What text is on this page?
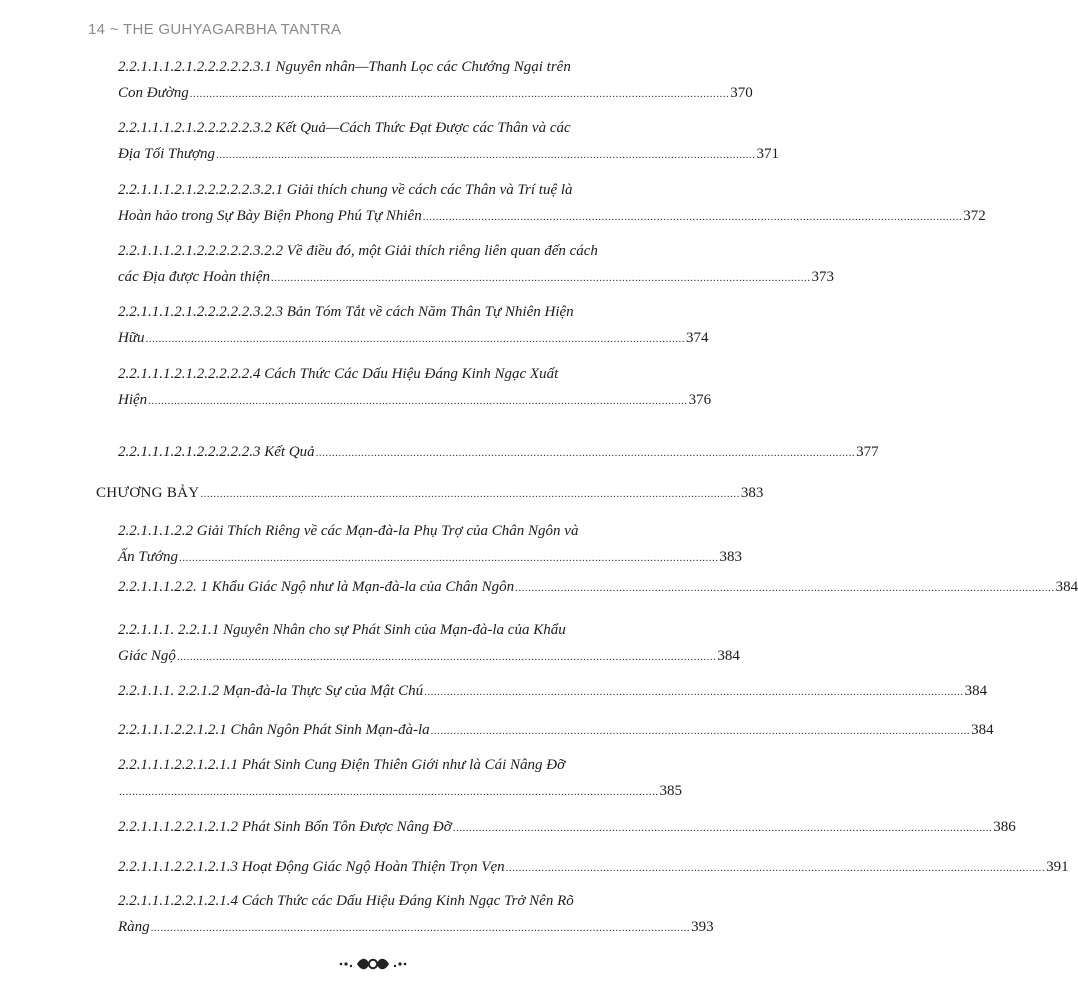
14 ~ THE GUHYAGARBHA TANTRA
2.2.1.1.1.2.1.2.2.2.2.2.3.1 Nguyên nhân—Thanh Lọc các Chướng Ngại trên
Con Đường ...................................................................................................................................................................... 370
2.2.1.1.1.2.1.2.2.2.2.2.3.2 Kết Quả—Cách Thức Đạt Được các Thân và các
Địa Tối Thượng ...................................................................................................................................................................... 371
2.2.1.1.1.2.1.2.2.2.2.2.3.2.1 Giải thích chung về cách các Thân và Trí tuệ là
Hoàn hảo trong Sự Bày Biện Phong Phú Tự Nhiên ...................................................................................................................................................................... 372
2.2.1.1.1.2.1.2.2.2.2.2.3.2.2 Về điều đó, một Giải thích riêng liên quan đến cách
các Địa được Hoàn thiện ...................................................................................................................................................................... 373
2.2.1.1.1.2.1.2.2.2.2.2.3.2.3 Bản Tóm Tắt về cách Năm Thân Tự Nhiên Hiện
Hữu ...................................................................................................................................................................... 374
2.2.1.1.1.2.1.2.2.2.2.2.4 Cách Thức Các Dấu Hiệu Đáng Kinh Ngạc Xuất
Hiện ...................................................................................................................................................................... 376
2.2.1.1.1.2.1.2.2.2.2.2.3 Kết Quả ...................................................................................................................................................................... 377
CHƯƠNG BẢY ...................................................................................................................................................................... 383
2.2.1.1.1.2.2 Giải Thích Riêng về các Mạn-đà-la Phụ Trợ của Chân Ngôn và
Ấn Tướng ...................................................................................................................................................................... 383
2.2.1.1.1.2.2. 1 Khẩu Giác Ngộ như là Mạn-đà-la của Chân Ngôn ...................................................................................................................................................................... 384
2.2.1.1.1. 2.2.1.1 Nguyên Nhân cho sự Phát Sinh của Mạn-đà-la của Khẩu
Giác Ngộ ...................................................................................................................................................................... 384
2.2.1.1.1. 2.2.1.2 Mạn-đà-la Thực Sự của Mật Chú ...................................................................................................................................................................... 384
2.2.1.1.1.2.2.1.2.1 Chân Ngôn Phát Sinh Mạn-đà-la ...................................................................................................................................................................... 384
2.2.1.1.1.2.2.1.2.1.1 Phát Sinh Cung Điện Thiên Giới như là Cái Nâng Đỡ
...................................................................................................................................................................... 385
2.2.1.1.1.2.2.1.2.1.2 Phát Sinh Bổn Tôn Được Nâng Đỡ ...................................................................................................................................................................... 386
2.2.1.1.1.2.2.1.2.1.3 Hoạt Động Giác Ngộ Hoàn Thiện Trọn Vẹn ...................................................................................................................................................................... 391
2.2.1.1.1.2.2.1.2.1.4 Cách Thức các Dấu Hiệu Đáng Kinh Ngạc Trở Nên Rõ
Ràng ...................................................................................................................................................................... 393
